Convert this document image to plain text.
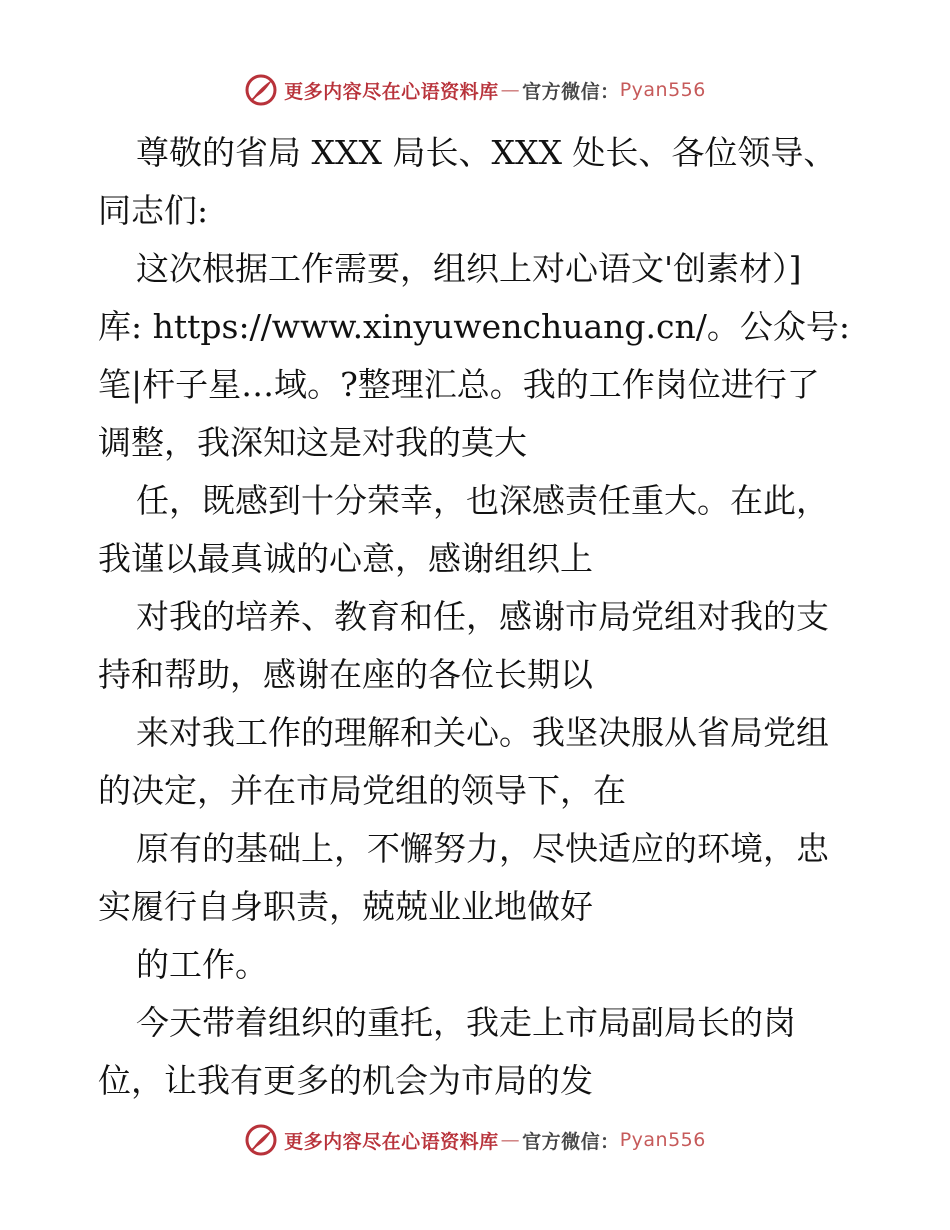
更多内容尽在心语资料库 — 官方微信： Pyan556
尊敬的省局 XXX 局长、XXX 处长、各位领导、
同志们:
这次根据工作需要，组织上对心语文'创素材）]
库: https://www.xinyuwenchuang.cn/。公众号:
笔|杆子星…域。?整理汇总。我的工作岗位进行了
调整，我深知这是对我的莫大
任，既感到十分荣幸，也深感责任重大。在此，
我谨以最真诚的心意，感谢组织上
对我的培养、教育和任，感谢市局党组对我的支
持和帮助，感谢在座的各位长期以
来对我工作的理解和关心。我坚决服从省局党组
的决定，并在市局党组的领导下，在
原有的基础上，不懈努力，尽快适应的环境，忠
实履行自身职责，兢兢业业地做好
的工作。
今天带着组织的重托，我走上市局副局长的岗
位，让我有更多的机会为市局的发
更多内容尽在心语资料库 — 官方微信： Pyan556
